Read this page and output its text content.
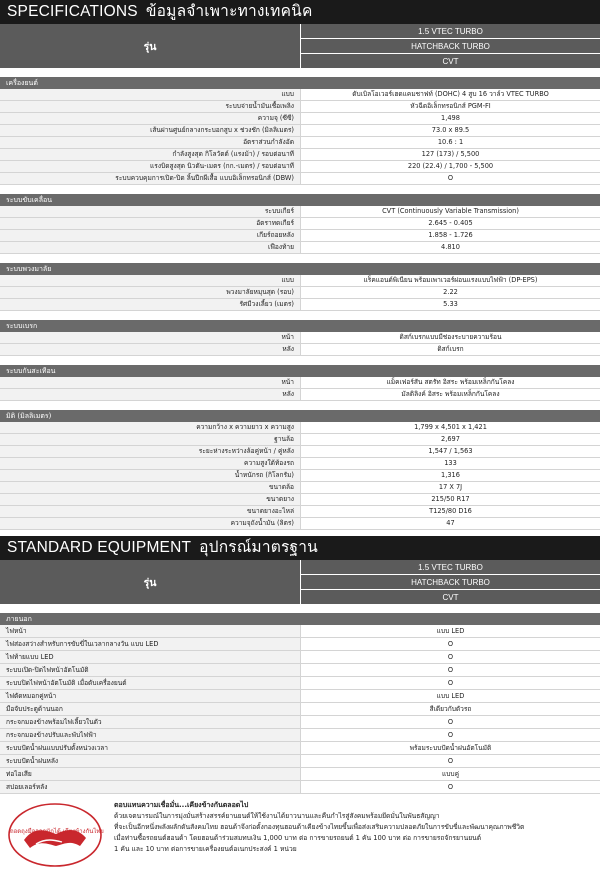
SPECIFICATIONS ข้อมูลจำเพาะทางเทคนิค
รุ่น
1.5 VTEC TURBO
HATCHBACK TURBO
CVT
เครื่องยนต์
แบบ	ดับเบิลโอเวอร์เฮดแคมชาฟท์ (DOHC) 4 สูบ 16 วาล์ว VTEC TURBO
ระบบจ่ายน้ำมันเชื้อเพลิง	หัวฉีดอิเล็กทรอนิกส์ PGM-FI
ความจุ (ซีซี)	1,498
เส้นผ่านศูนย์กลางกระบอกสูบ x ช่วงชัก (มิลลิเมตร)	73.0 x 89.5
อัตราส่วนกำลังอัด	10.6 : 1
กำลังสูงสุด กิโลวัตต์ (แรงม้า) / รอบต่อนาที	127 (173) / 5,500
แรงบิดสูงสุด นิวตัน-เมตร (กก.-เมตร) / รอบต่อนาที	220 (22.4) / 1,700 - 5,500
ระบบควบคุมการเปิด-ปิด ลิ้นปีกผีเสื้อ แบบอิเล็กทรอนิกส์ (DBW)	O
ระบบขับเคลื่อน
ระบบเกียร์	CVT (Continuously Variable Transmission)
อัตราทดเกียร์	2.645 - 0.405
เกียร์ถอยหลัง	1.858 - 1.726
เฟืองท้าย	4.810
ระบบพวงมาลัย
แบบ	แร็คแอนด์พิเนียน พร้อมเพาเวอร์ผ่อนแรงแบบไฟฟ้า (DP-EPS)
พวงมาลัยหมุนสุด (รอบ)	2.22
รัศมีวงเลี้ยว (เมตร)	5.33
ระบบเบรก
หน้า	ดิสก์เบรกแบบมีช่องระบายความร้อน
หลัง	ดิสก์เบรก
ระบบกันสะเทือน
หน้า	แม็คเฟอร์สัน สตรัท อิสระ พร้อมเหล็กกันโคลง
หลัง	มัลติลิงค์ อิสระ พร้อมเหล็กกันโคลง
มิติ (มิลลิเมตร)
ความกว้าง x ความยาว x ความสูง	1,799 x 4,501 x 1,421
ฐานล้อ	2,697
ระยะห่างระหว่างล้อคู่หน้า / คู่หลัง	1,547 / 1,563
ความสูงใต้ท้องรถ	133
น้ำหนักรถ (กิโลกรัม)	1,316
ขนาดล้อ	17 X 7J
ขนาดยาง	215/50 R17
ขนาดยางอะไหล่	T125/80 D16
ความจุถังน้ำมัน (ลิตร)	47
STANDARD EQUIPMENT อุปกรณ์มาตรฐาน
รุ่น
1.5 VTEC TURBO
HATCHBACK TURBO
CVT
ภายนอก
ไฟหน้า	แบบ LED
ไฟส่องสว่างสำหรับการขับขี่ในเวลากลางวัน แบบ LED	O
ไฟท้ายแบบ LED	O
ระบบเปิด-ปิดไฟหน้าอัตโนมัติ	O
ระบบปิดไฟหน้าอัตโนมัติ เมื่อดับเครื่องยนต์	O
ไฟตัดหมอกคู่หน้า	แบบ LED
มือจับประตูด้านนอก	สีเดียวกับตัวรถ
กระจกมองข้างพร้อมไฟเลี้ยวในตัว	O
กระจกมองข้างปรับและพับไฟฟ้า	O
ระบบปัดน้ำฝนแบบปรับตั้งหน่วงเวลา	พร้อมระบบปัดน้ำฝนอัตโนมัติ
ระบบปัดน้ำฝนหลัง	O
ท่อไอเสีย	แบบคู่
สปอยเลอร์หลัง	O
ถอดถุงมือออกนักได้ เคียงข้างกันไทย
ตอบแทนความเชื่อมั่น...เคียงข้างกันตลอดไป
ด้วยเจตนารมณ์ในการมุ่งมั่นสร้างสรรค์ยานยนต์ให้ใช้งานได้ยาวนานและคืนกำไรสู่สังคมพร้อมยึดมั่นในพันธสัญญา
ที่จะเป็นอีกหนึ่งพลังผลักดันสังคมไทย ฮอนด้าจึงก่อตั้งกองทุนฮอนด้าเคียงข้างไทยขึ้นเพื่อส่งเสริมความปลอดภัยในการขับขี่และพัฒนาคุณภาพชีวิต
เมื่อท่านซื้อรถยนต์ฮอนด้า โดยฮอนด้าร่วมสมทบเงิน 1,000 บาท ต่อ การขายรถยนต์ 1 คัน 100 บาท ต่อ การขายรถจักรยานยนต์
1 คัน และ 10 บาท ต่อการขายเครื่องยนต์อเนกประสงค์ 1 หน่วย
